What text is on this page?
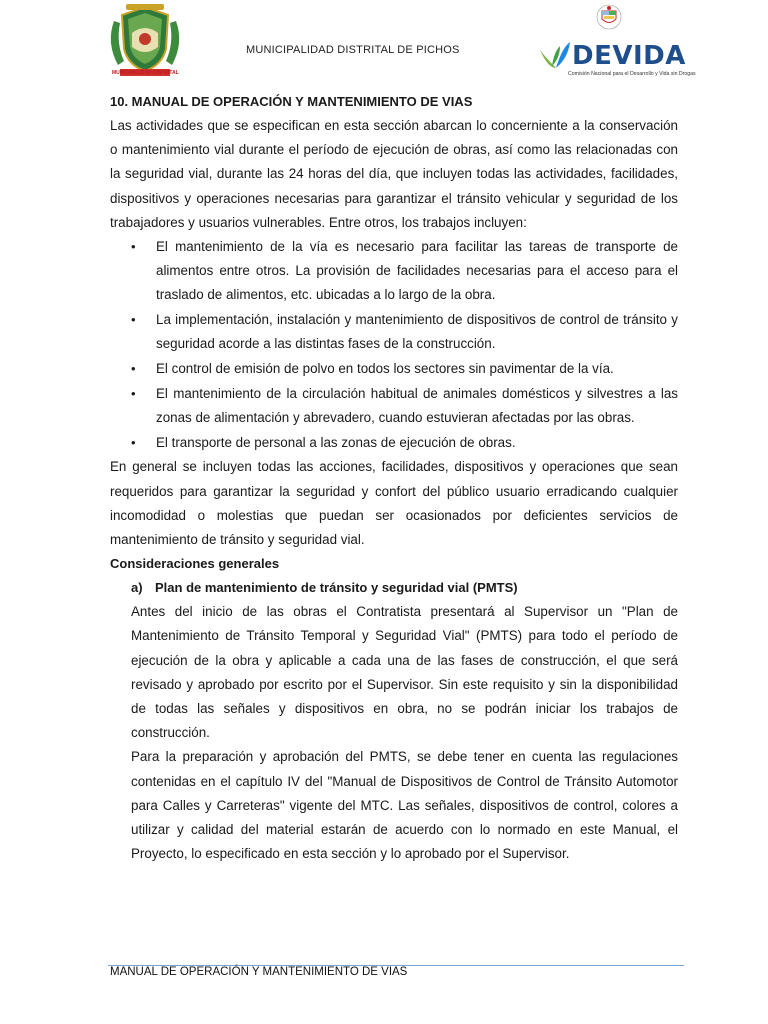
MUNICIPALIDAD DISTRITAL
MUNICIPALIDAD DISTRITAL DE PICHOS	DEVIDA
Comisión Nacional para el Desarrollo y Vida sin Drogas

10. MANUAL DE OPERACIÓN Y MANTENIMIENTO DE VIAS

Las actividades que se especifican en esta sección abarcan lo concerniente a la conservación o mantenimiento vial durante el período de ejecución de obras, así como las relacionadas con la seguridad vial, durante las 24 horas del día, que incluyen todas las actividades, facilidades, dispositivos y operaciones necesarias para garantizar el tránsito vehicular y seguridad de los trabajadores y usuarios vulnerables. Entre otros, los trabajos incluyen:

• El mantenimiento de la vía es necesario para facilitar las tareas de transporte de alimentos entre otros. La provisión de facilidades necesarias para el acceso para el traslado de alimentos, etc. ubicadas a lo largo de la obra.
• La implementación, instalación y mantenimiento de dispositivos de control de tránsito y seguridad acorde a las distintas fases de la construcción.
• El control de emisión de polvo en todos los sectores sin pavimentar de la vía.
• El mantenimiento de la circulación habitual de animales domésticos y silvestres a las zonas de alimentación y abrevadero, cuando estuvieran afectadas por las obras.
• El transporte de personal a las zonas de ejecución de obras.

En general se incluyen todas las acciones, facilidades, dispositivos y operaciones que sean requeridos para garantizar la seguridad y confort del público usuario erradicando cualquier incomodidad o molestias que puedan ser ocasionados por deficientes servicios de mantenimiento de tránsito y seguridad vial.

Consideraciones generales

a) Plan de mantenimiento de tránsito y seguridad vial (PMTS)

Antes del inicio de las obras el Contratista presentará al Supervisor un "Plan de Mantenimiento de Tránsito Temporal y Seguridad Vial" (PMTS) para todo el período de ejecución de la obra y aplicable a cada una de las fases de construcción, el que será revisado y aprobado por escrito por el Supervisor. Sin este requisito y sin la disponibilidad de todas las señales y dispositivos en obra, no se podrán iniciar los trabajos de construcción.

Para la preparación y aprobación del PMTS, se debe tener en cuenta las regulaciones contenidas en el capítulo IV del "Manual de Dispositivos de Control de Tránsito Automotor para Calles y Carreteras" vigente del MTC. Las señales, dispositivos de control, colores a utilizar y calidad del material estarán de acuerdo con lo normado en este Manual, el Proyecto, lo especificado en esta sección y lo aprobado por el Supervisor.

MANUAL DE OPERACIÓN Y MANTENIMIENTO DE VIAS
